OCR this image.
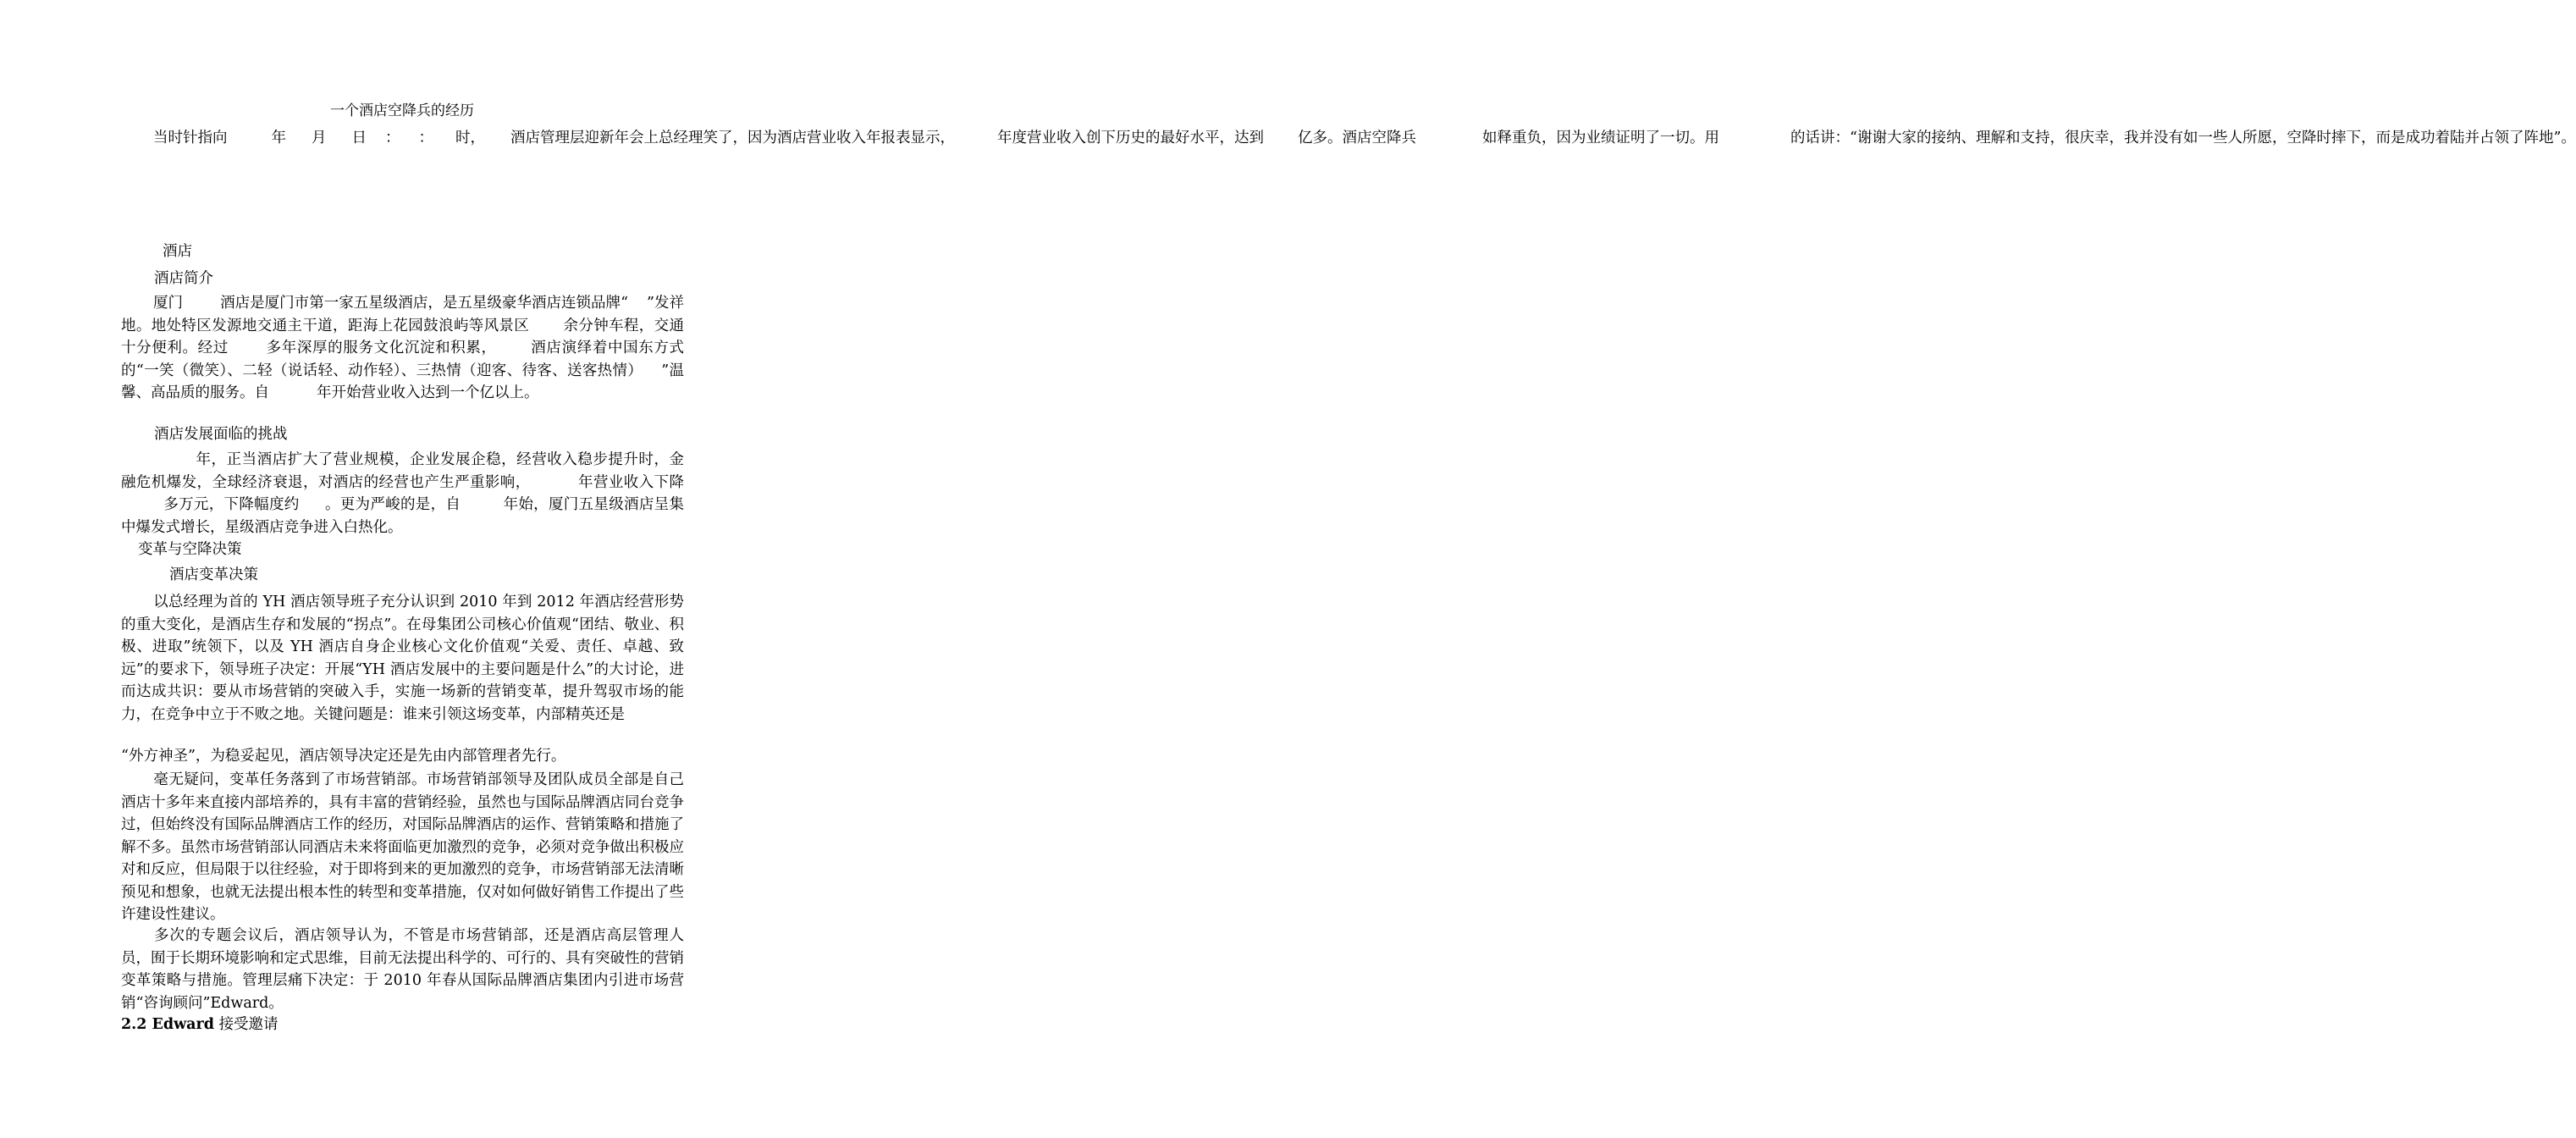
一个酒店空降兵的经历
当时针指向	年 月 日 ： ： 时， 酒店管理层迎新年会上总经理笑了，因为酒店营业收入年报表显示，	年度营业收入创下历史的最好水平，达到 亿多。酒店空降兵	如释重负，因为业绩证明了一切。用	的话讲：“谢谢大家的接纳、理解和支持，很庆幸，我并没有如一些人所愿，空降时摔下，而是成功着陆并占领了阵地”。
酒店
酒店简介
厦门	酒店是厦门市第一家五星级酒店，是五星级豪华酒店连锁品牌“ ”发祥地。地处特区发源地交通主干道，距海上花园鼓浪屿等风景区 余分钟车程，交通十分便利。经过	多年深厚的服务文化沉淀和积累， 酒店演绎着中国东方式的“一笑（微笑）、二轻（说话轻、动作轻）、三热情（迎客、待客、送客热情） ”温馨、高品质的服务。自	年开始营业收入达到一个亿以上。
酒店发展面临的挑战
年，正当酒店扩大了营业规模，企业发展企稳，经营收入稳步提升时，金融危机爆发，全球经济衰退，对酒店的经营也产生严重影响，	年营业收入下降多万元，下降幅度约 。更为严峻的是，自	年始，厦门五星级酒店呈集中爆发式增长，星级酒店竞争进入白热化。
变革与空降决策
酒店变革决策
以总经理为首的 YH 酒店领导班子充分认识到 2010 年到 2012 年酒店经营形势的重大变化，是酒店生存和发展的“拐点”。在母集团公司核心价值观“团结、敬业、积极、进取”统领下，以及 YH 酒店自身企业核心文化价值观“关爱、责任、卓越、致远”的要求下，领导班子决定：开展“YH 酒店发展中的主要问题是什么”的大讨论，进而达成共识：要从市场营销的突破入手，实施一场新的营销变革，提升驾驭市场的能力，在竞争中立于不败之地。关键问题是：谁来引领这场变革，内部精英还是
“外方神圣”，为稳妥起见，酒店领导决定还是先由内部管理者先行。
毫无疑问，变革任务落到了市场营销部。市场营销部领导及团队成员全部是自己酒店十多年来直接内部培养的，具有丰富的营销经验，虽然也与国际品牌酒店同台竞争过，但始终没有国际品牌酒店工作的经历，对国际品牌酒店的运作、营销策略和措施了解不多。虽然市场营销部认同酒店未来将面临更加激烈的竞争，必须对竞争做出积极应对和反应，但局限于以往经验，对于即将到来的更加激烈的竞争，市场营销部无法清晰预见和想象，也就无法提出根本性的转型和变革措施，仅对如何做好销售工作提出了些许建设性建议。
多次的专题会议后，酒店领导认为，不管是市场营销部，还是酒店高层管理人员，囿于长期环境影响和定式思维，目前无法提出科学的、可行的、具有突破性的营销变革策略与措施。管理层痛下决定：于 2010 年春从国际品牌酒店集团内引进市场营销“咨询顾问”Edward。
2.2 Edward 接受邀请
